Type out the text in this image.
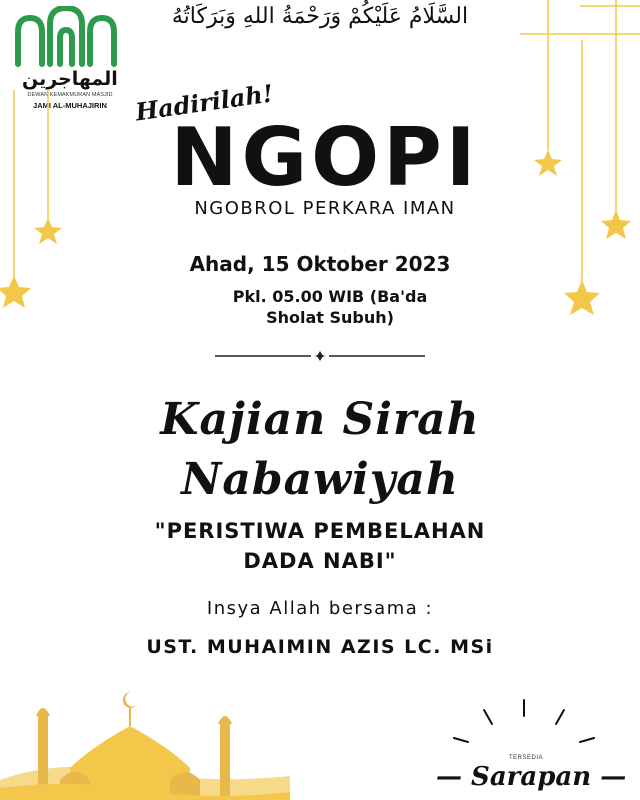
المهاجرين
DEWAN KEMAKMURAN MASJID
JAMI AL-MUHAJIRIN
السَّلَامُ عَلَيْكُمْ وَرَحْمَةُ اللهِ وَبَرَكَاتُهُ
Hadirilah!
NGOPI
NGOBROL PERKARA IMAN
Ahad, 15 Oktober 2023
Pkl. 05.00 WIB (Ba'da
Sholat Subuh)
Kajian Sirah
Nabawiyah
"PERISTIWA PEMBELAHAN
DADA NABI"
Insya Allah bersama :
UST. MUHAIMIN AZIS LC. MSi
TERSEDIA
— Sarapan —
